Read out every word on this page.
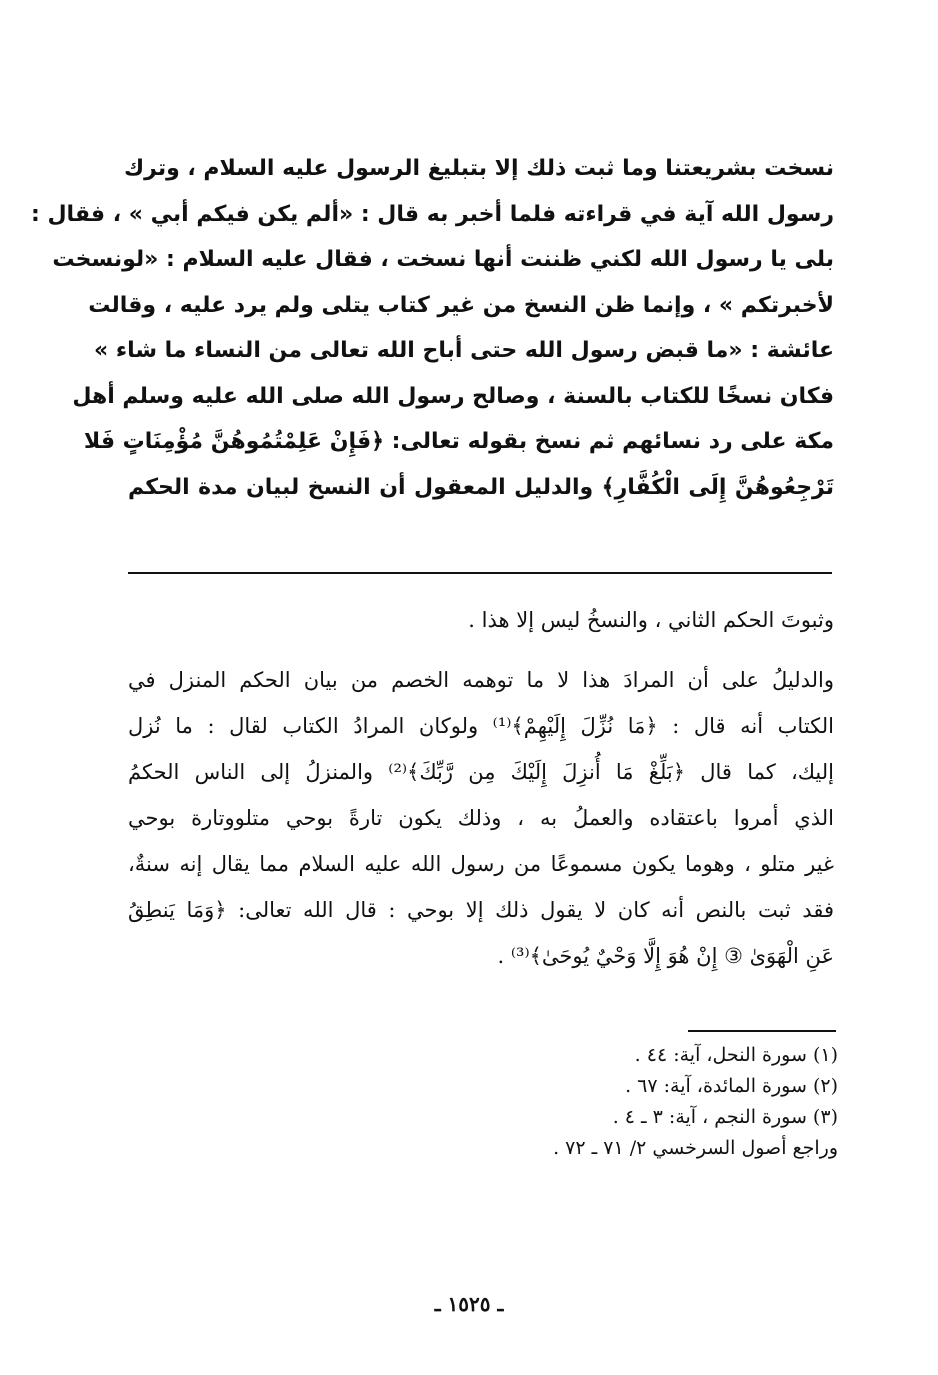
نسخت بشريعتنا وما ثبت ذلك إلا بتبليغ الرسول عليه السلام ، وترك
رسول الله آية في قراءته فلما أخبر به قال : «ألم يكن فيكم أبي » ، فقال :
بلى يا رسول الله لكني ظننت أنها نسخت ، فقال عليه السلام : «لونسخت
لأخبرتكم » ، وإنما ظن النسخ من غير كتاب يتلى ولم يرد عليه ، وقالت
عائشة : «ما قبض رسول الله حتى أباح الله تعالى من النساء ما شاء »
فكان نسخًا للكتاب بالسنة ، وصالح رسول الله صلى الله عليه وسلم أهل
مكة على رد نسائهم ثم نسخ بقوله تعالى: ﴿فَإِنْ عَلِمْتُمُوهُنَّ مُؤْمِنَاتٍ فَلا
تَرْجِعُوهُنَّ إِلَى الْكُفَّارِ﴾ والدليل المعقول أن النسخ لبيان مدة الحكم
وثبوتَ الحكم الثاني ، والنسخُ ليس إلا هذا .
والدليلُ على أن المرادَ هذا لا ما توهمه الخصم من بيان الحكم المنزل في
الكتاب أنه قال : ﴿مَا نُزِّلَ إِلَيْهِمْ﴾⁽¹⁾ ولوكان المرادُ الكتاب لقال : ما نُزل
إليك، كما قال ﴿بَلِّغْ مَا أُنزِلَ إِلَيْكَ مِن رَّبِّكَ﴾⁽²⁾ والمنزلُ إلى الناس الحكمُ
الذي أمروا باعتقاده والعملُ به ، وذلك يكون تارةً بوحي متلووتارة بوحي
غير متلو ، وهوما يكون مسموعًا من رسول الله عليه السلام مما يقال إنه سنةٌ،
فقد ثبت بالنص أنه كان لا يقول ذلك إلا بوحي : قال الله تعالى: ﴿وَمَا يَنطِقُ
عَنِ الْهَوَىٰ ③ إِنْ هُوَ إِلَّا وَحْيٌ يُوحَىٰ﴾⁽³⁾ .
(١) سورة النحل، آية: ٤٤ .
(٢) سورة المائدة، آية: ٦٧ .
(٣) سورة النجم ، آية: ٣ ـ ٤ .
وراجع أصول السرخسي ٢/ ٧١ ـ ٧٢ .
ـ ١٥٢٥ ـ
